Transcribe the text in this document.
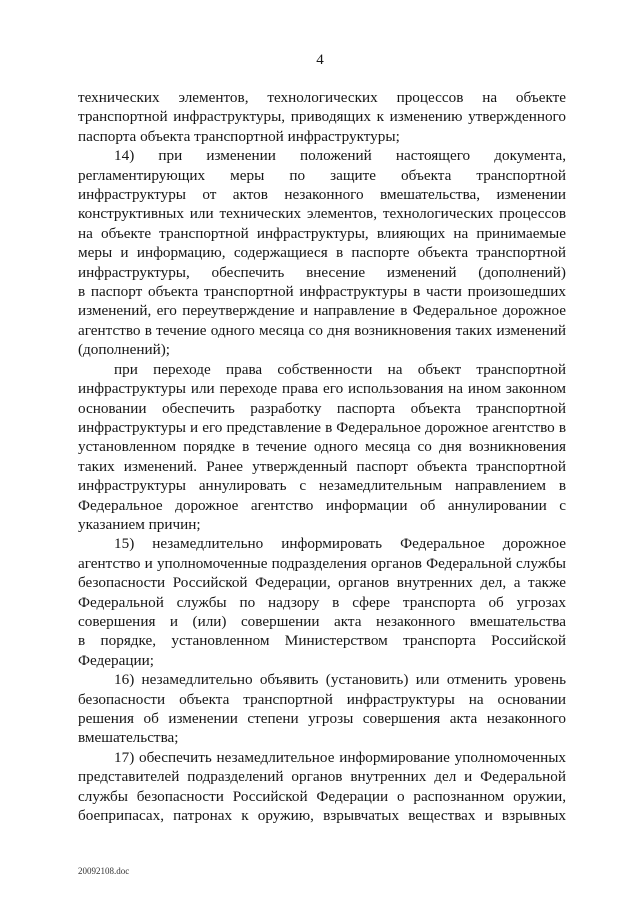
4
технических элементов, технологических процессов на объекте
транспортной инфраструктуры, приводящих к изменению утвержденного
паспорта объекта транспортной инфраструктуры;
14) при изменении положений настоящего документа,
регламентирующих меры по защите объекта транспортной
инфраструктуры от актов незаконного вмешательства, изменении
конструктивных или технических элементов, технологических процессов
на объекте транспортной инфраструктуры, влияющих на принимаемые
меры и информацию, содержащиеся в паспорте объекта транспортной
инфраструктуры, обеспечить внесение изменений (дополнений)
в паспорт объекта транспортной инфраструктуры в части произошедших
изменений, его переутверждение и направление в Федеральное дорожное
агентство в течение одного месяца со дня возникновения таких изменений
(дополнений);
при переходе права собственности на объект транспортной
инфраструктуры или переходе права его использования на ином законном
основании обеспечить разработку паспорта объекта транспортной
инфраструктуры и его представление в Федеральное дорожное агентство в
установленном порядке в течение одного месяца со дня возникновения
таких изменений. Ранее утвержденный паспорт объекта транспортной
инфраструктуры аннулировать с незамедлительным направлением в
Федеральное дорожное агентство информации об аннулировании с
указанием причин;
15) незамедлительно информировать Федеральное дорожное
агентство и уполномоченные подразделения органов Федеральной службы
безопасности Российской Федерации, органов внутренних дел, а также
Федеральной службы по надзору в сфере транспорта об угрозах
совершения и (или) совершении акта незаконного вмешательства
в порядке, установленном Министерством транспорта Российской
Федерации;
16) незамедлительно объявить (установить) или отменить уровень
безопасности объекта транспортной инфраструктуры на основании
решения об изменении степени угрозы совершения акта незаконного
вмешательства;
17) обеспечить незамедлительное информирование уполномоченных
представителей подразделений органов внутренних дел и Федеральной
службы безопасности Российской Федерации о распознанном оружии,
боеприпасах, патронах к оружию, взрывчатых веществах и взрывных
20092108.doc
